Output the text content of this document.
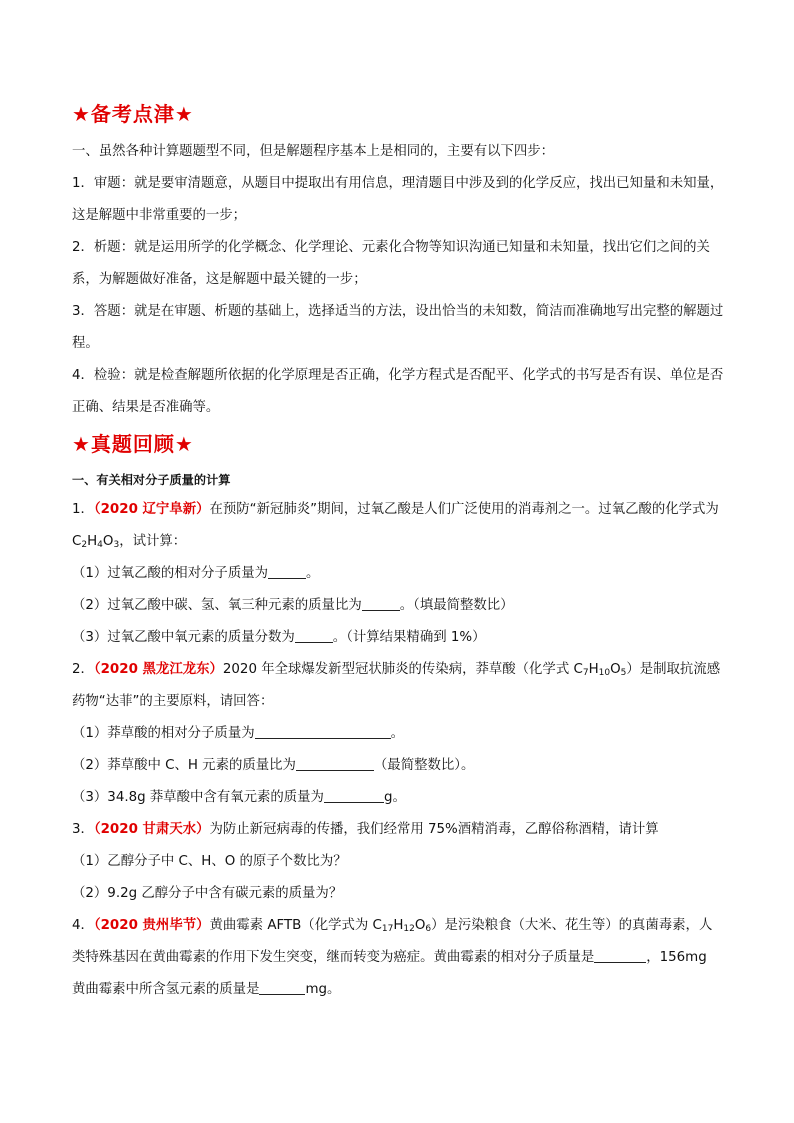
★备考点津★

一、虽然各种计算题题型不同，但是解题程序基本上是相同的，主要有以下四步：

1．审题：就是要审清题意，从题目中提取出有用信息，理清题目中涉及到的化学反应，找出已知量和未知量，这是解题中非常重要的一步；

2．析题：就是运用所学的化学概念、化学理论、元素化合物等知识沟通已知量和未知量，找出它们之间的关系，为解题做好准备，这是解题中最关键的一步；

3．答题：就是在审题、析题的基础上，选择适当的方法，设出恰当的未知数，简洁而准确地写出完整的解题过程。

4．检验：就是检查解题所依据的化学原理是否正确，化学方程式是否配平、化学式的书写是否有误、单位是否正确、结果是否准确等。

★真题回顾★

一、有关相对分子质量的计算

1．（2020 辽宁阜新）在预防“新冠肺炎”期间，过氧乙酸是人们广泛使用的消毒剂之一。过氧乙酸的化学式为 $C_2H_4O_3$，试计算：

（1）过氧乙酸的相对分子质量为	。

（2）过氧乙酸中碳、氢、氧三种元素的质量比为	。（填最简整数比）

（3）过氧乙酸中氧元素的质量分数为	。（计算结果精确到 1%）

2．（2020 黑龙江龙东）2020 年全球爆发新型冠状肺炎的传染病，莽草酸（化学式 $C_7H_{10}O_5$）是制取抗流感药物“达菲”的主要原料，请回答：

（1）莽草酸的相对分子质量为	。

（2）莽草酸中 C、H 元素的质量比为	（最简整数比）。

（3）34.8g 莽草酸中含有氧元素的质量为	g。

3．（2020 甘肃天水）为防止新冠病毒的传播，我们经常用 75%酒精消毒，乙醇俗称酒精，请计算

（1）乙醇分子中 C、H、O 的原子个数比为？

（2）9.2g 乙醇分子中含有碳元素的质量为？

4．（2020 贵州毕节）黄曲霉素 AFTB（化学式为 $C_{17}H_{12}O_6$）是污染粮食（大米、花生等）的真菌毒素，人类特殊基因在黄曲霉素的作用下发生突变，继而转变为癌症。黄曲霉素的相对分子质量是	，156mg 黄曲霉素中所含氢元素的质量是	mg。
